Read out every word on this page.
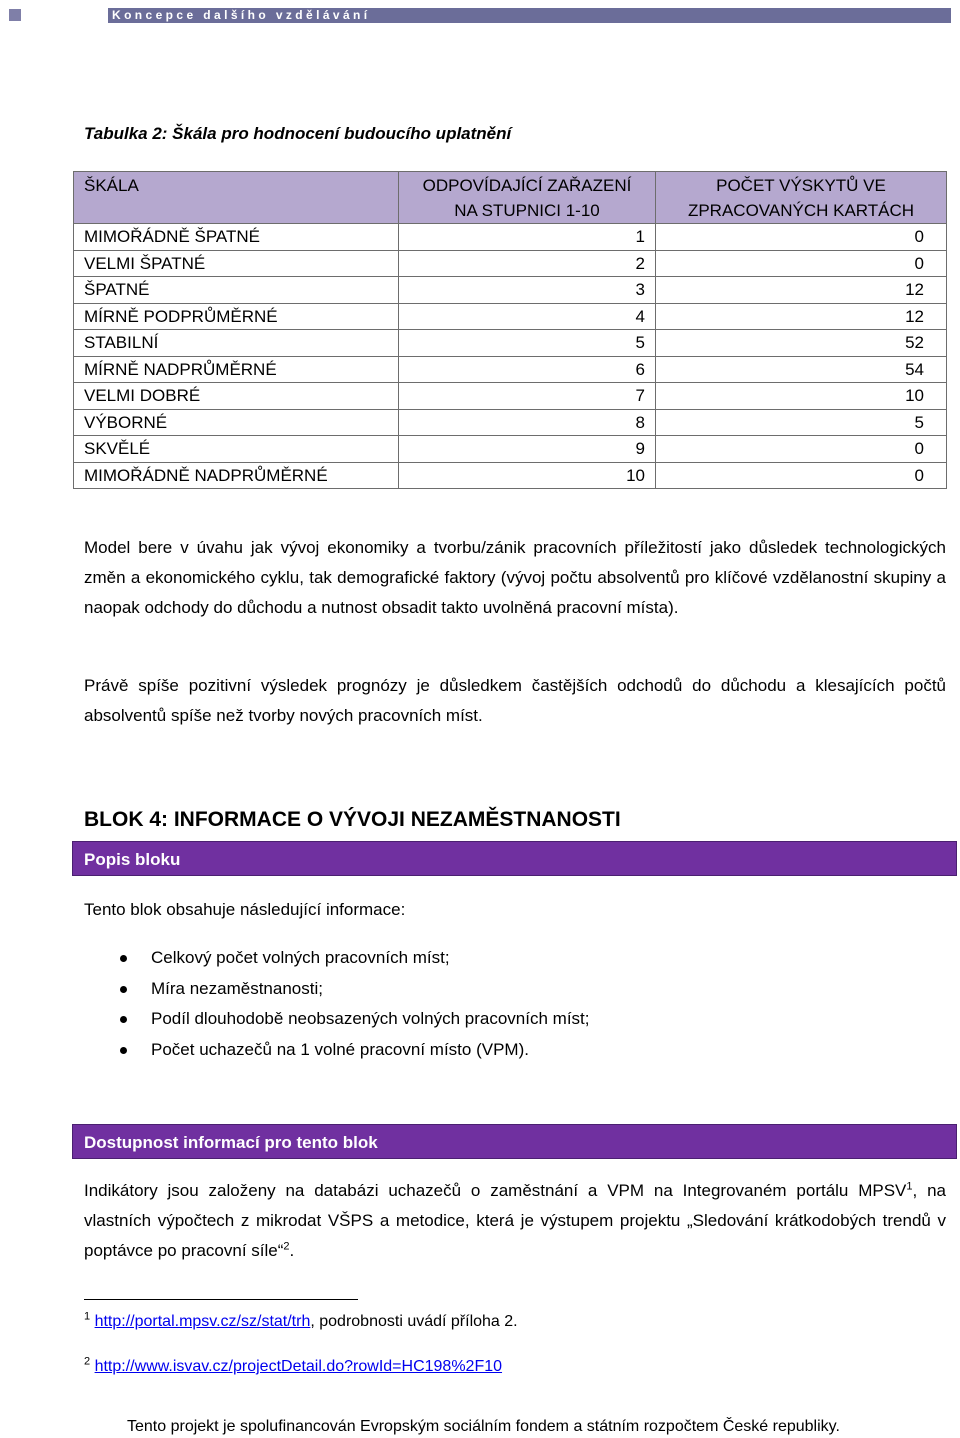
Koncepce dalšího vzdělávání
Tabulka 2: Škála pro hodnocení budoucího uplatnění
ŠKÁLA	ODPOVÍDAJÍCÍ ZAŘAZENÍ NA STUPNICI 1-10	POČET VÝSKYTŮ VE ZPRACOVANÝCH KARTÁCH
MIMOŘÁDNĚ ŠPATNÉ	1	0
VELMI ŠPATNÉ	2	0
ŠPATNÉ	3	12
MÍRNĚ PODPRŮMĚRNÉ	4	12
STABILNÍ	5	52
MÍRNĚ NADPRŮMĚRNÉ	6	54
VELMI DOBRÉ	7	10
VÝBORNÉ	8	5
SKVĚLÉ	9	0
MIMOŘÁDNĚ NADPRŮMĚRNÉ	10	0
Model bere v úvahu jak vývoj ekonomiky a tvorbu/zánik pracovních příležitostí jako důsledek technologických změn a ekonomického cyklu, tak demografické faktory (vývoj počtu absolventů pro klíčové vzdělanostní skupiny a naopak odchody do důchodu a nutnost obsadit takto uvolněná pracovní místa).
Právě spíše pozitivní výsledek prognózy je důsledkem častějších odchodů do důchodu a klesajících počtů absolventů spíše než tvorby nových pracovních míst.
BLOK 4: INFORMACE O VÝVOJI NEZAMĚSTNANOSTI
Popis bloku
Tento blok obsahuje následující informace:
Celkový počet volných pracovních míst;
Míra nezaměstnanosti;
Podíl dlouhodobě neobsazených volných pracovních míst;
Počet uchazečů na 1 volné pracovní místo (VPM).
Dostupnost informací pro tento blok
Indikátory jsou založeny na databázi uchazečů o zaměstnání a VPM na Integrovaném portálu MPSV$^1$, na vlastních výpočtech z mikrodat VŠPS a metodice, která je výstupem projektu „Sledování krátkodobých trendů v poptávce po pracovní síle“$^2$.
$^1$ http://portal.mpsv.cz/sz/stat/trh, podrobnosti uvádí příloha 2.
$^2$ http://www.isvav.cz/projectDetail.do?rowId=HC198%2F10
Tento projekt je spolufinancován Evropským sociálním fondem a státním rozpočtem České republiky.
